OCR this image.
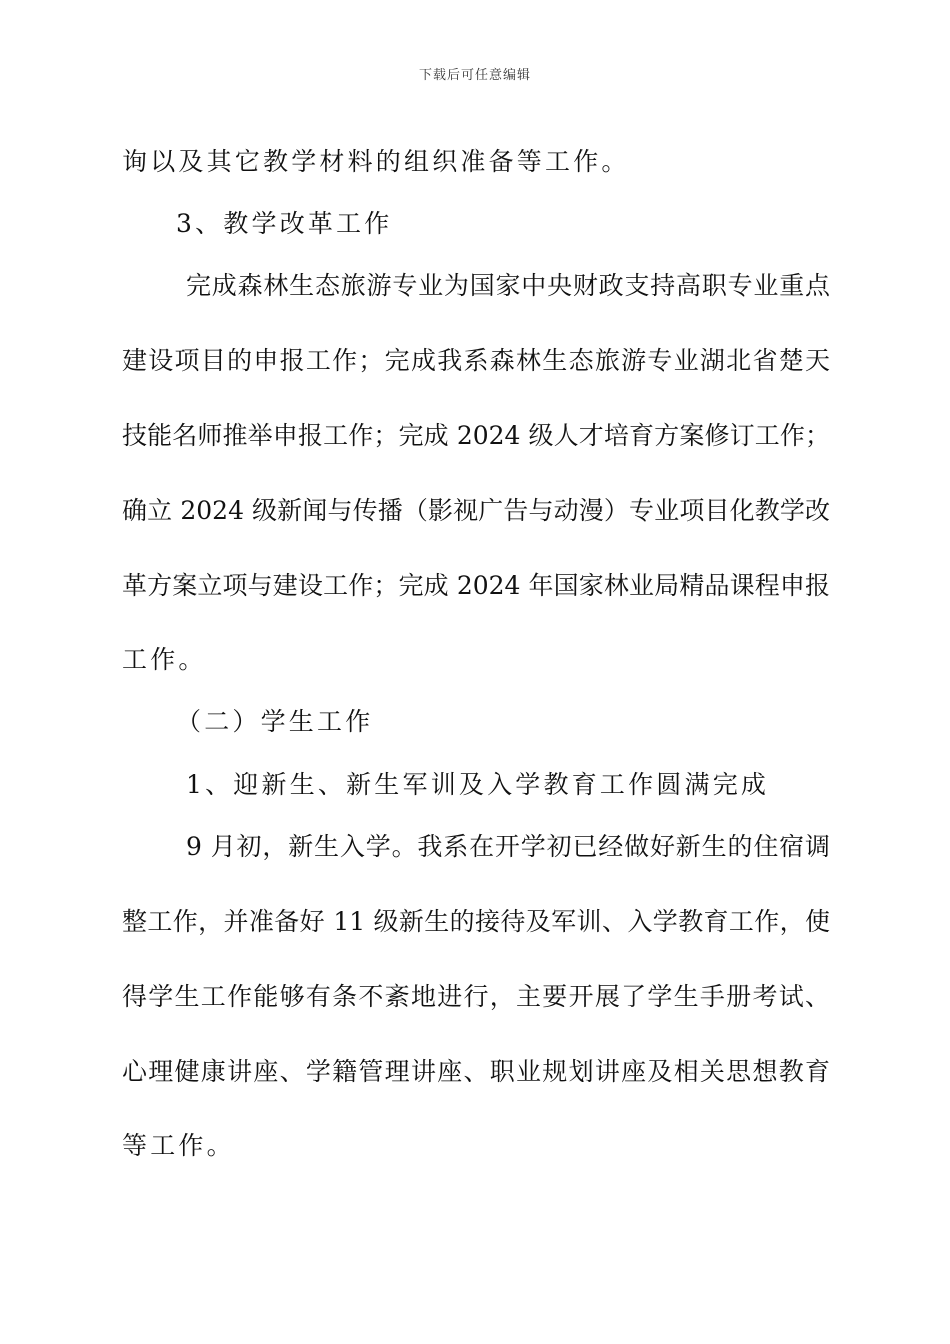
下载后可任意编辑
询以及其它教学材料的组织准备等工作。
3、教学改革工作
完成森林生态旅游专业为国家中央财政支持高职专业重点
建设项目的申报工作；完成我系森林生态旅游专业湖北省楚天
技能名师推举申报工作；完成 2024 级人才培育方案修订工作；
确立 2024 级新闻与传播（影视广告与动漫）专业项目化教学改
革方案立项与建设工作；完成 2024 年国家林业局精品课程申报
工作。
（二）学生工作
1、迎新生、新生军训及入学教育工作圆满完成
9 月初，新生入学。我系在开学初已经做好新生的住宿调
整工作，并准备好 11 级新生的接待及军训、入学教育工作，使
得学生工作能够有条不紊地进行，主要开展了学生手册考试、
心理健康讲座、学籍管理讲座、职业规划讲座及相关思想教育
等工作。
